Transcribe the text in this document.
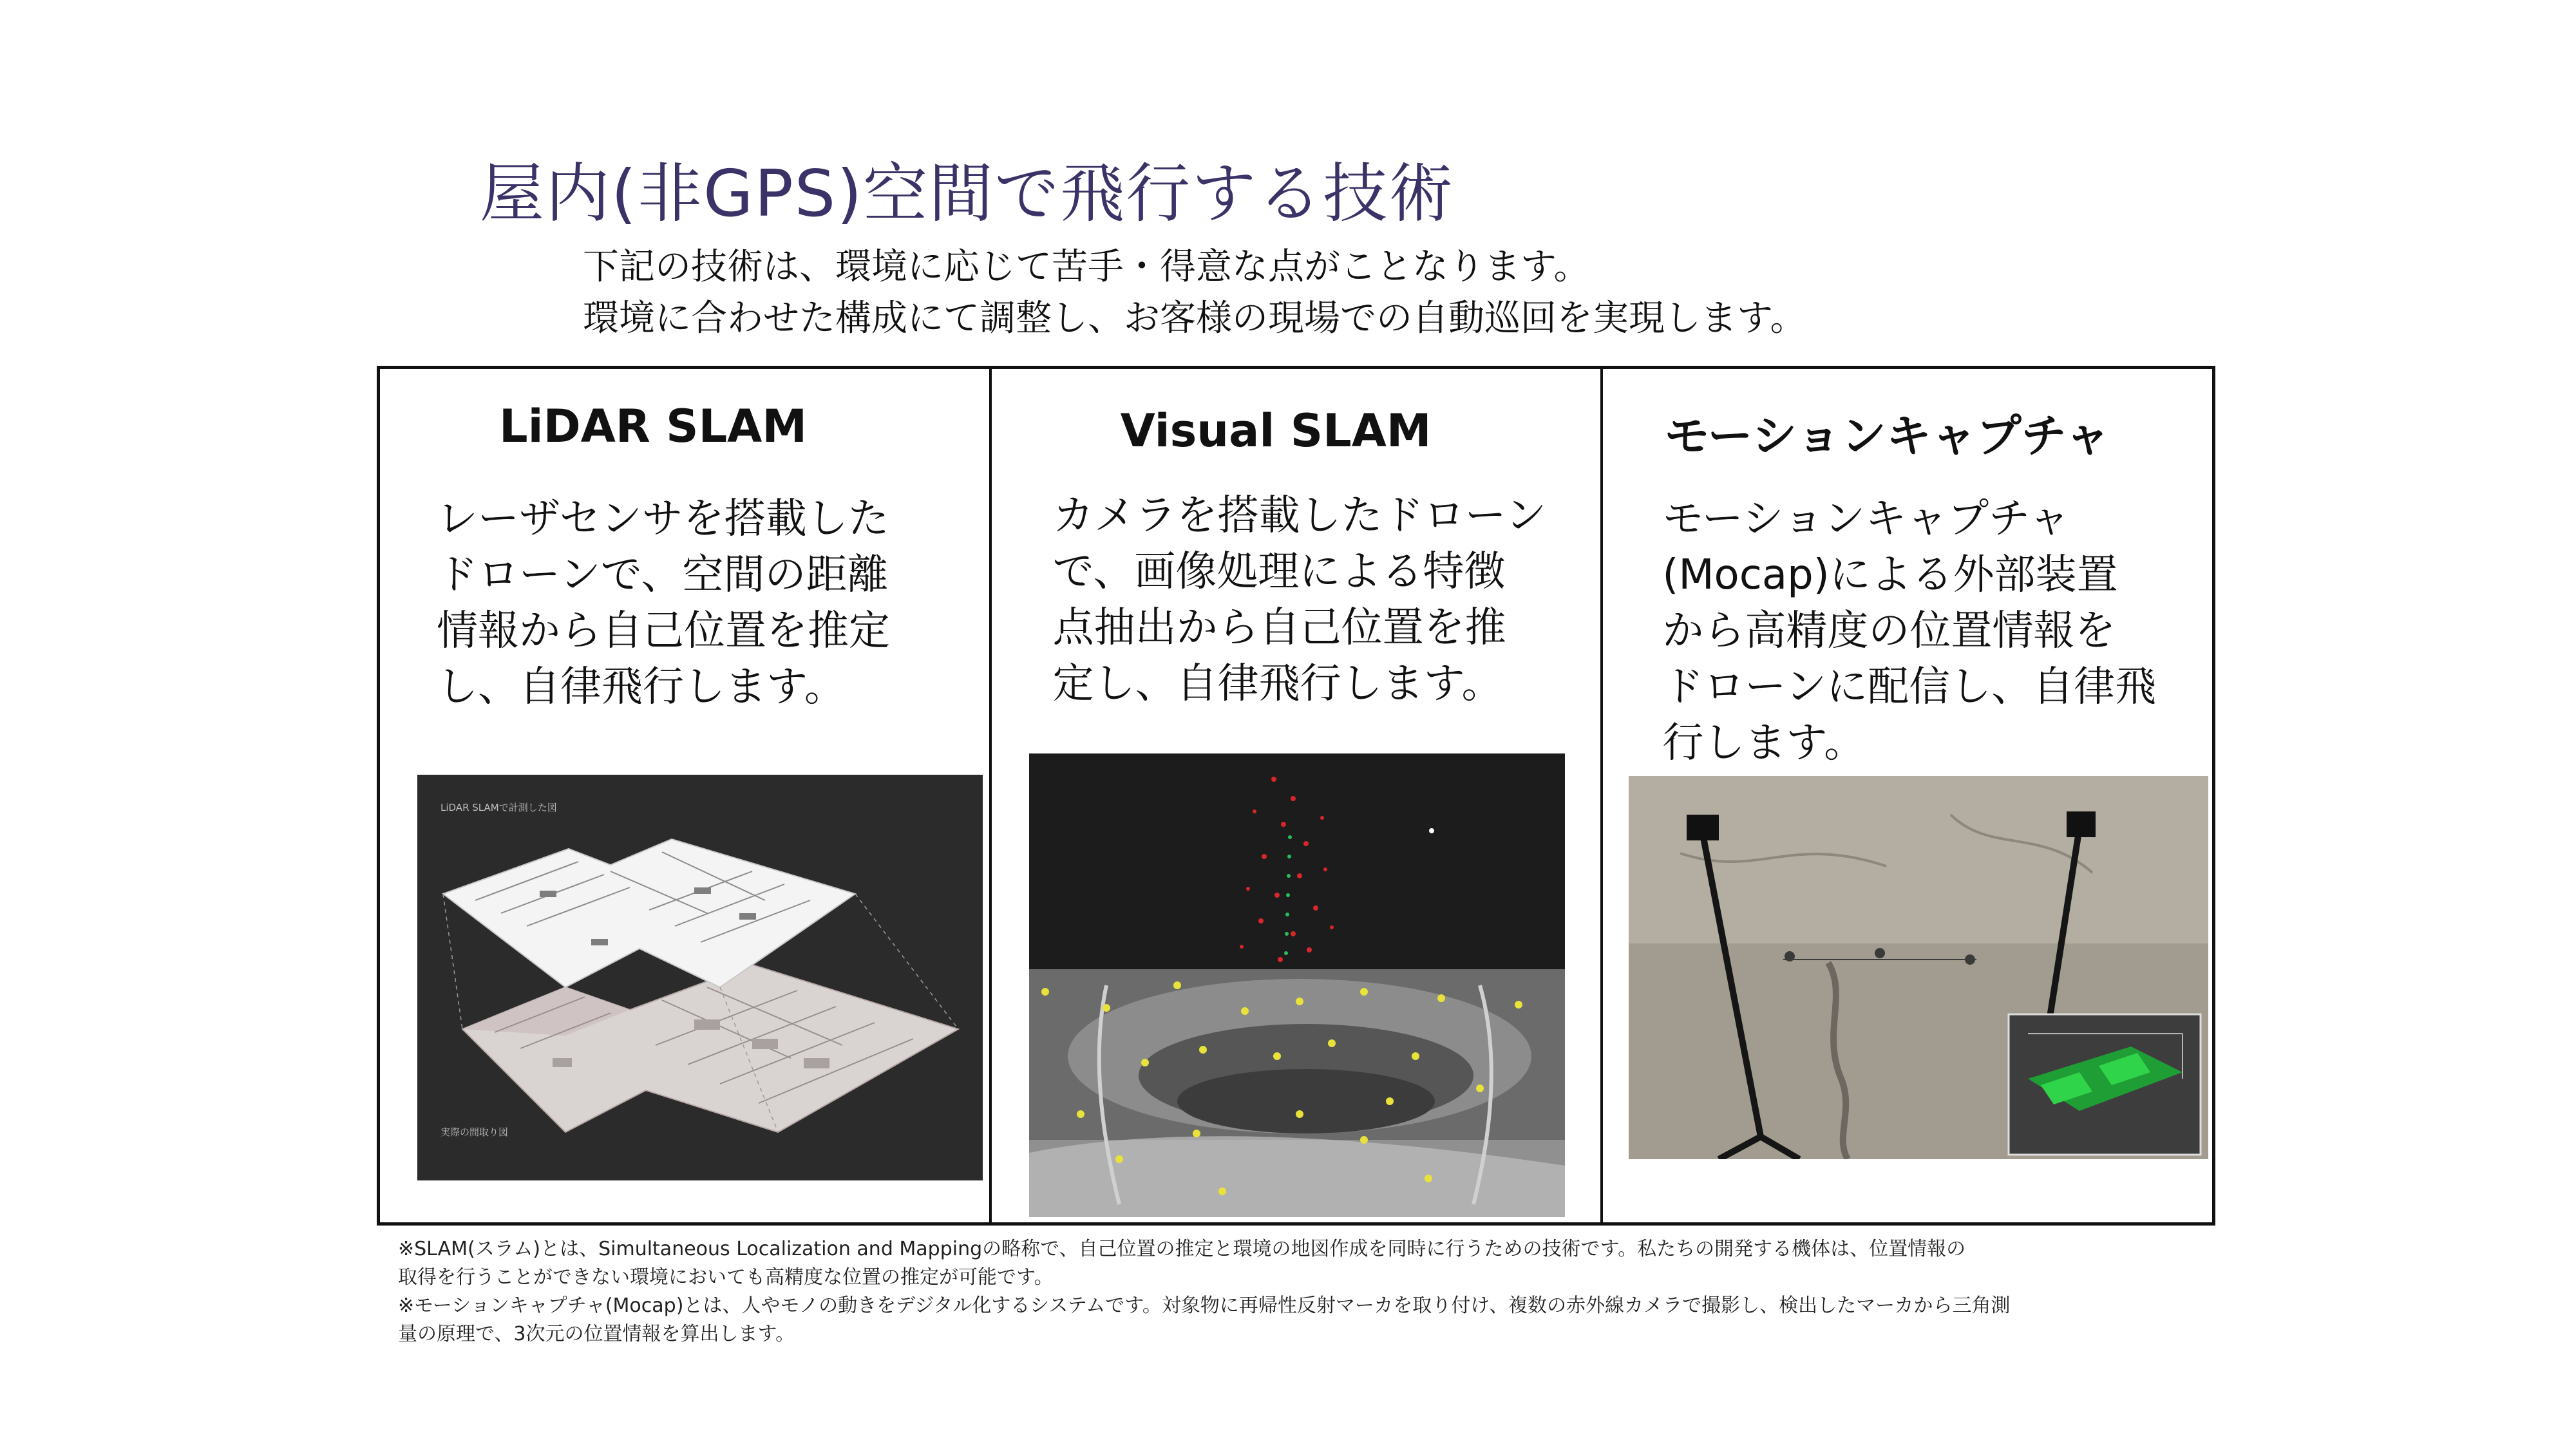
屋内(非GPS)空間で飛行する技術
下記の技術は、環境に応じて苦手・得意な点がことなります。
環境に合わせた構成にて調整し、お客様の現場での自動巡回を実現します。
LiDAR SLAM
レーザセンサを搭載した
ドローンで、空間の距離
情報から自己位置を推定
し、自律飛行します。
LiDAR SLAMで計測した図
実際の間取り図
Visual SLAM
カメラを搭載したドローン
で、画像処理による特徴
点抽出から自己位置を推
定し、自律飛行します。
モーションキャプチャ
モーションキャプチャ
(Mocap)による外部装置
から高精度の位置情報を
ドローンに配信し、自律飛
行します。
※SLAM(スラム)とは、Simultaneous Localization and Mappingの略称で、自己位置の推定と環境の地図作成を同時に行うための技術です。私たちの開発する機体は、位置情報の
取得を行うことができない環境においても高精度な位置の推定が可能です。
※モーションキャプチャ(Mocap)とは、人やモノの動きをデジタル化するシステムです。対象物に再帰性反射マーカを取り付け、複数の赤外線カメラで撮影し、検出したマーカから三角測
量の原理で、3次元の位置情報を算出します。
